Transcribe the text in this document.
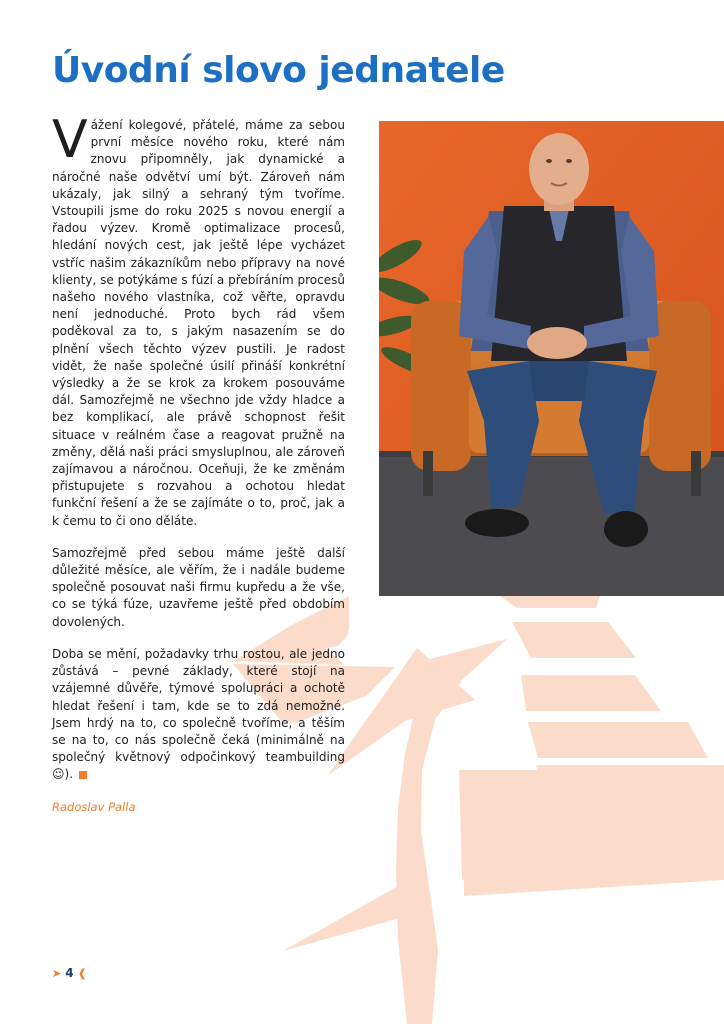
Úvodní slovo jednatele

Vážení kolegové, přátelé, máme za sebou první měsíce nového roku, které nám znovu připomněly, jak dynamické a náročné naše odvětví umí být. Zároveň nám ukázaly, jak silný a sehraný tým tvoříme. Vstoupili jsme do roku 2025 s novou energií a řadou výzev. Kromě optimalizace procesů, hledání nových cest, jak ještě lépe vycházet vstříc našim zákazníkům nebo přípravy na nové klienty, se potýkáme s fúzí a přebíráním procesů našeho nového vlastníka, což věřte, opravdu není jednoduché. Proto bych rád všem poděkoval za to, s jakým nasazením se do plnění všech těchto výzev pustili. Je radost vidět, že naše společné úsilí přináší konkrétní výsledky a že se krok za krokem posouváme dál. Samozřejmě ne všechno jde vždy hladce a bez komplikací, ale právě schopnost řešit situace v reálném čase a reagovat pružně na změny, dělá naši práci smysluplnou, ale zároveň zajímavou a náročnou. Oceňuji, že ke změnám přistupujete s rozvahou a ochotou hledat funkční řešení a že se zajímáte o to, proč, jak a k čemu to či ono děláte.

Samozřejmě před sebou máme ještě další důležité měsíce, ale věřím, že i nadále budeme společně posouvat naši firmu kupředu a že vše, co se týká fúze, uzavřeme ještě před obdobím dovolených.

Doba se mění, požadavky trhu rostou, ale jedno zůstává – pevné základy, které stojí na vzájemné důvěře, týmové spolupráci a ochotě hledat řešení i tam, kde se to zdá nemožné. Jsem hrdý na to, co společně tvoříme, a těším se na to, co nás společně čeká (minimálně na společný květnový odpočinkový teambuilding ☺).

Radoslav Palla
➤ 4 ❰
